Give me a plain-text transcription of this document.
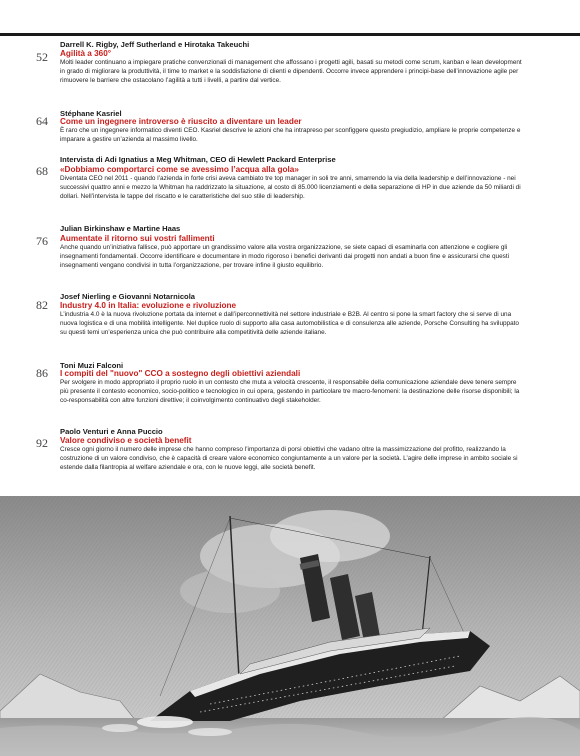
52
Darrell K. Rigby, Jeff Sutherland e Hirotaka Takeuchi
Agilità a 360°
Molti leader continuano a impiegare pratiche convenzionali di management che affossano i progetti agili, basati su metodi come scrum, kanban e lean development in grado di migliorare la produttività, il time to market e la soddisfazione di clienti e dipendenti. Occorre invece apprendere i principi-base dell’innovazione agile per rimuovere le barriere che ostacolano l’agilità a tutti i livelli, a partire dal vertice.
64
Stéphane Kasriel
Come un ingegnere introverso è riuscito a diventare un leader
È raro che un ingegnere informatico diventi CEO. Kasriel descrive le azioni che ha intrapreso per sconfiggere questo pregiudizio, ampliare le proprie competenze e imparare a gestire un’azienda al massimo livello.
68
Intervista di Adi Ignatius a Meg Whitman, CEO di Hewlett Packard Enterprise
«Dobbiamo comportarci come se avessimo l’acqua alla gola»
Diventata CEO nel 2011 - quando l’azienda in forte crisi aveva cambiato tre top manager in soli tre anni, smarrendo la via della leadership e dell’innovazione - nei successivi quattro anni e mezzo la Whitman ha raddrizzato la situazione, al costo di 85.000 licenziamenti e della separazione di HP in due aziende da 50 miliardi di dollari. Nell’intervista le tappe del riscatto e le caratteristiche del suo stile di leadership.
76
Julian Birkinshaw e Martine Haas
Aumentate il ritorno sui vostri fallimenti
Anche quando un’iniziativa fallisce, può apportare un grandissimo valore alla vostra organizzazione, se siete capaci di esaminarla con attenzione e cogliere gli insegnamenti fondamentali. Occorre identificare e documentare in modo rigoroso i benefici derivanti dai progetti non andati a buon fine e assicurarsi che questi insegnamenti vengano condivisi in tutta l’organizzazione, per trovare infine il giusto equilibrio.
82
Josef Nierling e Giovanni Notarnicola
Industry 4.0 in Italia: evoluzione e rivoluzione
L’industria 4.0 è la nuova rivoluzione portata da internet e dall’iperconnettività nel settore industriale e B2B. Al centro si pone la smart factory che si serve di una nuova logistica e di una mobilità intelligente. Nel duplice ruolo di supporto alla casa automobilistica e di consulenza alle aziende, Porsche Consulting ha sviluppato su questi temi un’esperienza unica che può contribuire alla competitività delle aziende italiane.
86
Toni Muzi Falconi
I compiti del "nuovo" CCO a sostegno degli obiettivi aziendali
Per svolgere in modo appropriato il proprio ruolo in un contesto che muta a velocità crescente, il responsabile della comunicazione aziendale deve tenere sempre più presente il contesto economico, socio-politico e tecnologico in cui opera, gestendo in particolare tre macro-fenomeni: la destinazione delle risorse disponibili; la co-responsabilità con altre funzioni direttive; il coinvolgimento continuativo degli stakeholder.
92
Paolo Venturi e Anna Puccio
Valore condiviso e società benefit
Cresce ogni giorno il numero delle imprese che hanno compreso l’importanza di porsi obiettivi che vadano oltre la massimizzazione del profitto, realizzando la costruzione di un valore condiviso, che è capacità di creare valore economico congiuntamente a un valore per la società. L’agire delle imprese in ambito sociale si estende dalla filantropia al welfare aziendale e ora, con le nuove leggi, alle società benefit.
